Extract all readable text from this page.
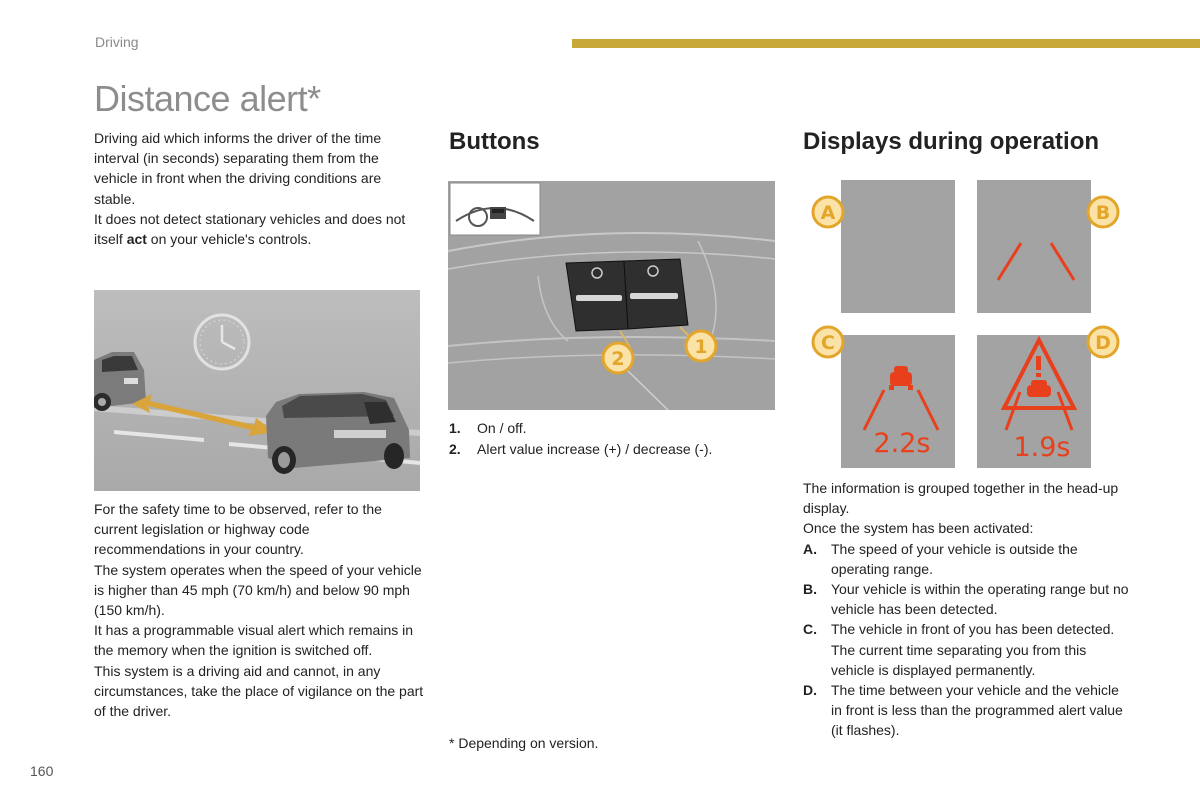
Driving
Distance alert*

Driving aid which informs the driver of the time interval (in seconds) separating them from the vehicle in front when the driving conditions are stable.

It does not detect stationary vehicles and does not itself act on your vehicle's controls.

For the safety time to be observed, refer to the current legislation or highway code recommendations in your country.

The system operates when the speed of your vehicle is higher than 45 mph (70 km/h) and below 90 mph (150 km/h).

It has a programmable visual alert which remains in the memory when the ignition is switched off.

This system is a driving aid and cannot, in any circumstances, take the place of vigilance on the part of the driver.

Buttons
2
1
1.	On / off.
2.	Alert value increase (+) / decrease (-).
* Depending on version.
Displays during operation
2.2s	1.9s
A	B
C	D

The information is grouped together in the head-up display.

Once the system has been activated:

A.	The speed of your vehicle is outside the operating range.
B.	Your vehicle is within the operating range but no vehicle has been detected.
C.	The vehicle in front of you has been detected.
The current time separating you from this vehicle is displayed permanently.
D.	The time between your vehicle and the vehicle in front is less than the programmed alert value (it flashes).
160
